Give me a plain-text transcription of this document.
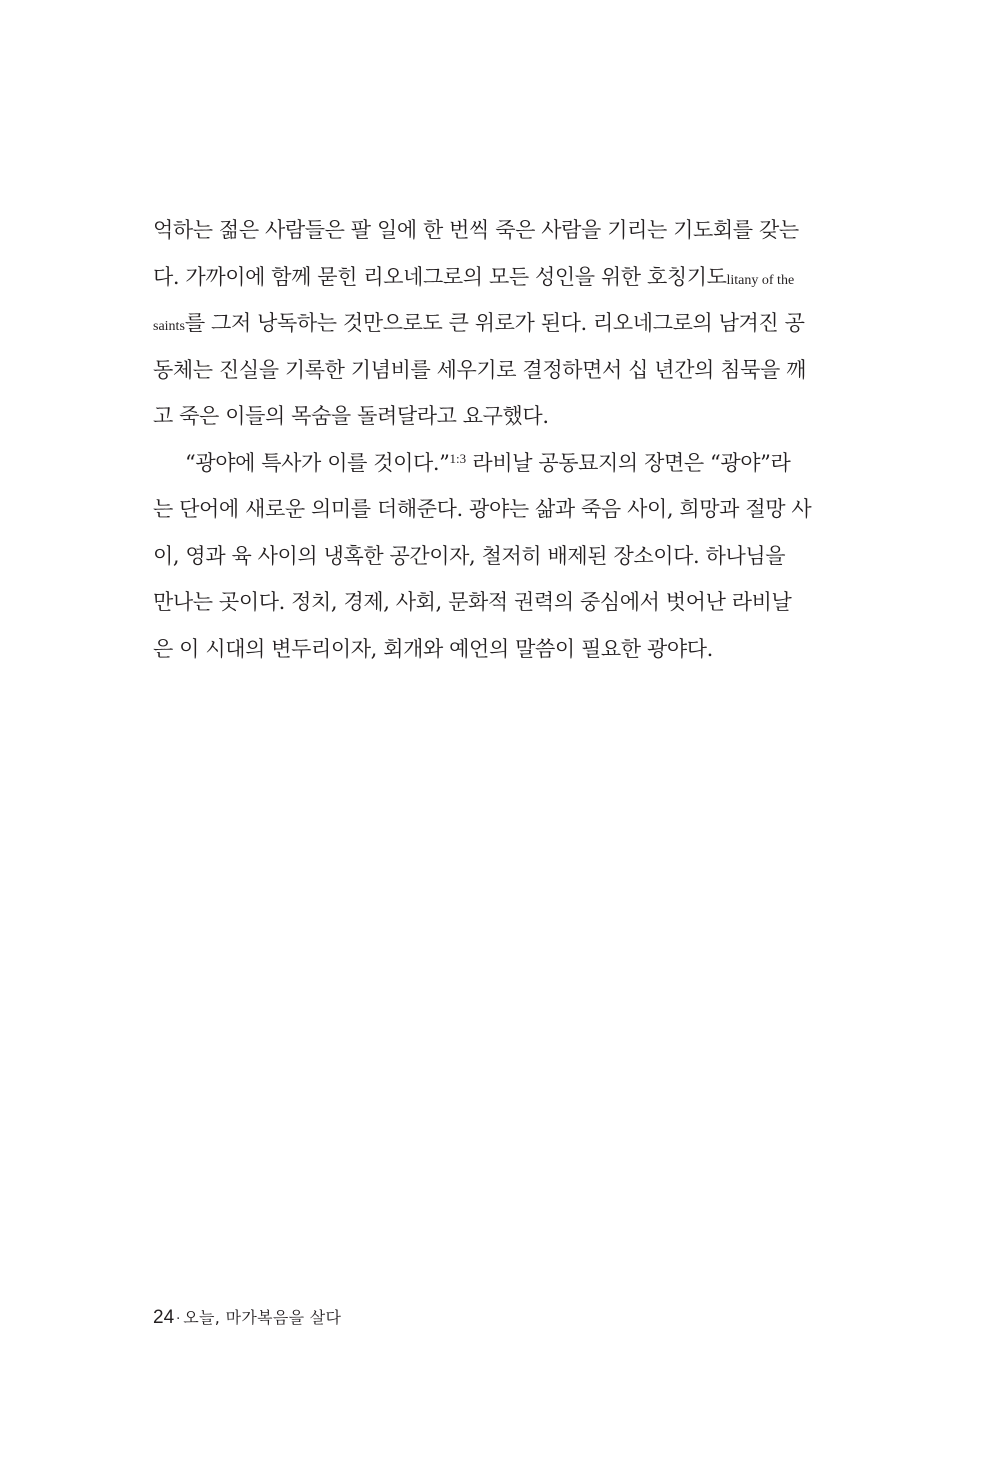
억하는 젊은 사람들은 팔 일에 한 번씩 죽은 사람을 기리는 기도회를 갖는
다. 가까이에 함께 묻힌 리오네그로의 모든 성인을 위한 호칭기도litany of the
saints를 그저 낭독하는 것만으로도 큰 위로가 된다. 리오네그로의 남겨진 공
동체는 진실을 기록한 기념비를 세우기로 결정하면서 십 년간의 침묵을 깨
고 죽은 이들의 목숨을 돌려달라고 요구했다.
“광야에 특사가 이를 것이다.”$^{1:3}$ 라비날 공동묘지의 장면은 “광야”라
는 단어에 새로운 의미를 더해준다. 광야는 삶과 죽음 사이, 희망과 절망 사
이, 영과 육 사이의 냉혹한 공간이자, 철저히 배제된 장소이다. 하나님을
만나는 곳이다. 정치, 경제, 사회, 문화적 권력의 중심에서 벗어난 라비날
은 이 시대의 변두리이자, 회개와 예언의 말씀이 필요한 광야다.
24 · 오늘, 마가복음을 살다
